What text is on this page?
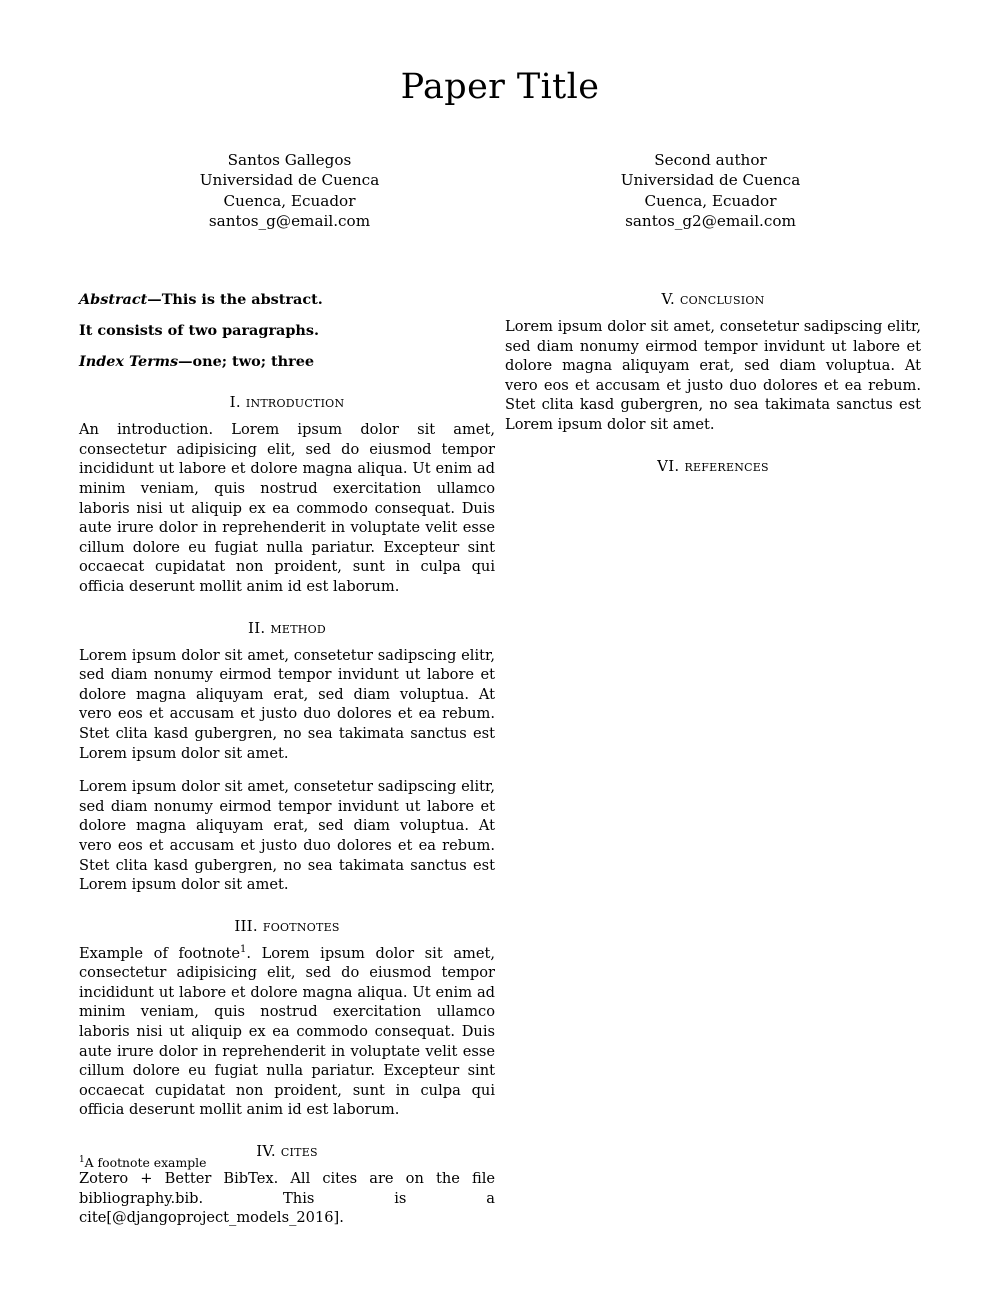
Paper Title
Santos Gallegos
Universidad de Cuenca
Cuenca, Ecuador
santos_g@email.com
Second author
Universidad de Cuenca
Cuenca, Ecuador
santos_g2@email.com

Abstract—This is the abstract.

It consists of two paragraphs.

Index Terms—one; two; three

I. introduction

An introduction. Lorem ipsum dolor sit amet, consectetur adipisicing elit, sed do eiusmod tempor incididunt ut labore et dolore magna aliqua. Ut enim ad minim veniam, quis nostrud exercitation ullamco laboris nisi ut aliquip ex ea commodo consequat. Duis aute irure dolor in reprehenderit in voluptate velit esse cillum dolore eu fugiat nulla pariatur. Excepteur sint occaecat cupidatat non proident, sunt in culpa qui officia deserunt mollit anim id est laborum.

II. method

Lorem ipsum dolor sit amet, consetetur sadipscing elitr, sed diam nonumy eirmod tempor invidunt ut labore et dolore magna aliquyam erat, sed diam voluptua. At vero eos et accusam et justo duo dolores et ea rebum. Stet clita kasd gubergren, no sea takimata sanctus est Lorem ipsum dolor sit amet.

Lorem ipsum dolor sit amet, consetetur sadipscing elitr, sed diam nonumy eirmod tempor invidunt ut labore et dolore magna aliquyam erat, sed diam voluptua. At vero eos et accusam et justo duo dolores et ea rebum. Stet clita kasd gubergren, no sea takimata sanctus est Lorem ipsum dolor sit amet.

III. footnotes

Example of footnote$^1$. Lorem ipsum dolor sit amet, consectetur adipisicing elit, sed do eiusmod tempor incididunt ut labore et dolore magna aliqua. Ut enim ad minim veniam, quis nostrud exercitation ullamco laboris nisi ut aliquip ex ea commodo consequat. Duis aute irure dolor in reprehenderit in voluptate velit esse cillum dolore eu fugiat nulla pariatur. Excepteur sint occaecat cupidatat non proident, sunt in culpa qui officia deserunt mollit anim id est laborum.

IV. cites

Zotero + Better BibTex. All cites are on the file bibliography.bib. This is a cite[@djangoproject_models_2016].

V. conclusion

Lorem ipsum dolor sit amet, consetetur sadipscing elitr, sed diam nonumy eirmod tempor invidunt ut labore et dolore magna aliquyam erat, sed diam voluptua. At vero eos et accusam et justo duo dolores et ea rebum. Stet clita kasd gubergren, no sea takimata sanctus est Lorem ipsum dolor sit amet.

VI. references
$^1$A footnote example
